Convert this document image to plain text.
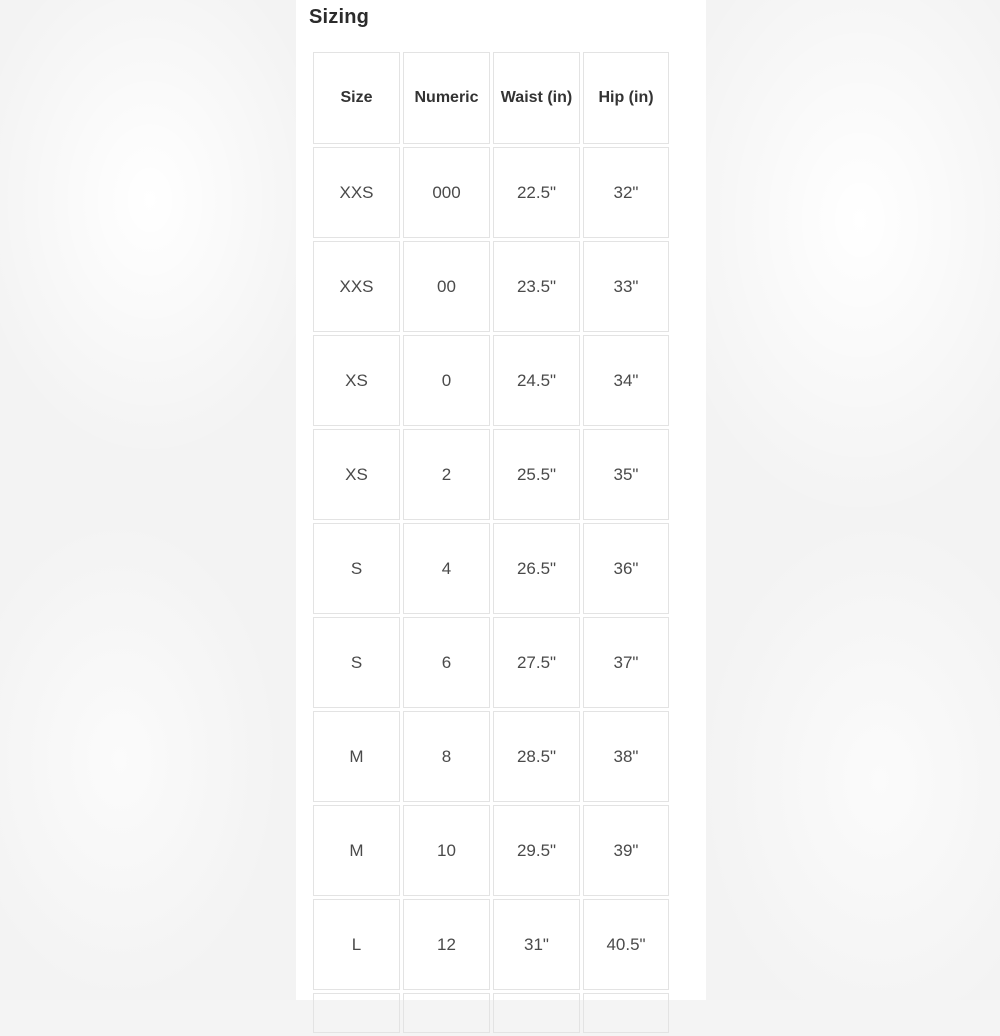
Sizing
Size	Numeric	Waist (in)	Hip (in)
XXS	000	22.5"	32"
XXS	00	23.5"	33"
XS	0	24.5"	34"
XS	2	25.5"	35"
S	4	26.5"	36"
S	6	27.5"	37"
M	8	28.5"	38"
M	10	29.5"	39"
L	12	31"	40.5"
